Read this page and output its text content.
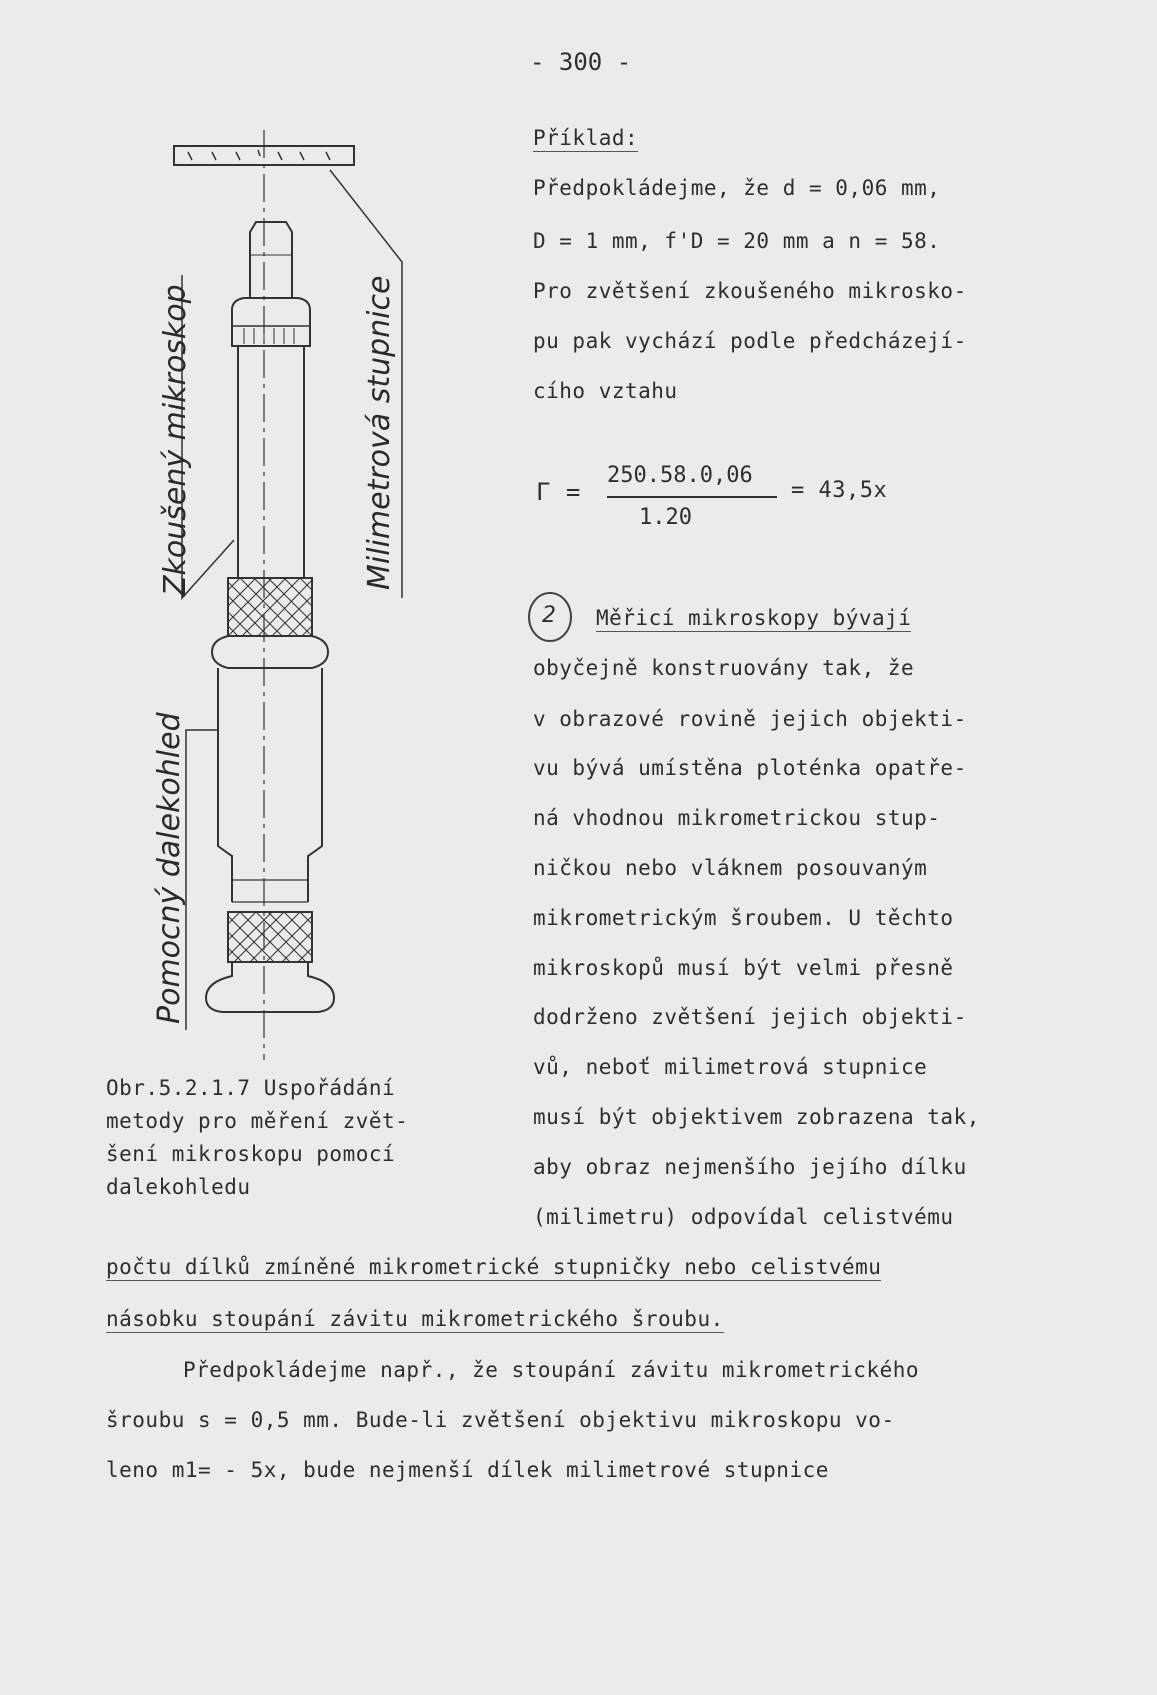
- 300 -
Zkoušený mikroskop	Milimetrová stupnice
Pomocný dalekohled
Obr.5.2.1.7 Uspořádání
metody pro měření zvět-
šení mikroskopu pomocí
dalekohledu
Příklad:
Předpokládejme, že d = 0,06 mm,
D = 1 mm, f'D = 20 mm a n = 58.
Pro zvětšení zkoušeného mikrosko-
pu pak vychází podle předcházejí-
cího vztahu
Γ =
250.58.0,06
1.20
= 43,5x
2 Měřicí mikroskopy bývají
obyčejně konstruovány tak, že
v obrazové rovině jejich objekti-
vu bývá umístěna ploténka opatře-
ná vhodnou mikrometrickou stup-
ničkou nebo vláknem posouvaným
mikrometrickým šroubem. U těchto
mikroskopů musí být velmi přesně
dodrženo zvětšení jejich objekti-
vů, neboť milimetrová stupnice
musí být objektivem zobrazena tak,
aby obraz nejmenšího jejího dílku
(milimetru) odpovídal celistvému
počtu dílků zmíněné mikrometrické stupničky nebo celistvému
násobku stoupání závitu mikrometrického šroubu.
Předpokládejme např., že stoupání závitu mikrometrického
šroubu s = 0,5 mm. Bude-li zvětšení objektivu mikroskopu vo-
leno m1= - 5x, bude nejmenší dílek milimetrové stupnice
